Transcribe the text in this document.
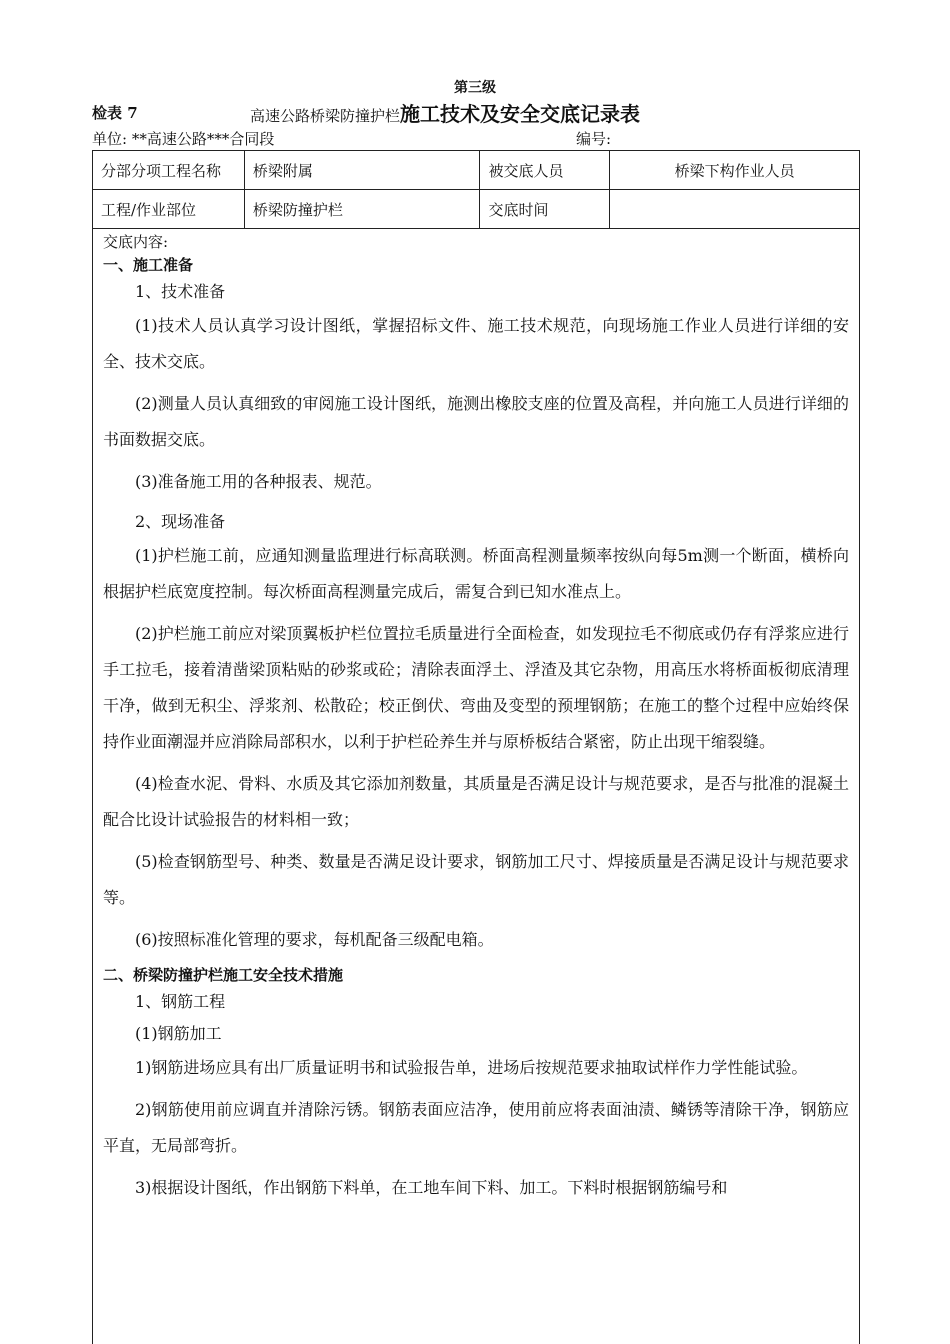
第三级
检表 7	高速公路桥梁防撞护栏施工技术及安全交底记录表
单位: **高速公路***合同段	编号:
分部分项工程名称	桥梁附属	被交底人员	桥梁下构作业人员
工程/作业部位	桥梁防撞护栏	交底时间	
交底内容:
一、施工准备
1、技术准备

(1)技术人员认真学习设计图纸，掌握招标文件、施工技术规范，向现场施工作业人员进行详细的安全、技术交底。

(2)测量人员认真细致的审阅施工设计图纸，施测出橡胶支座的位置及高程，并向施工人员进行详细的书面数据交底。

(3)准备施工用的各种报表、规范。

2、现场准备

(1)护栏施工前，应通知测量监理进行标高联测。桥面高程测量频率按纵向每5m测一个断面，横桥向根据护栏底宽度控制。每次桥面高程测量完成后，需复合到已知水准点上。

(2)护栏施工前应对梁顶翼板护栏位置拉毛质量进行全面检查，如发现拉毛不彻底或仍存有浮浆应进行手工拉毛，接着清凿梁顶粘贴的砂浆或砼；清除表面浮土、浮渣及其它杂物，用高压水将桥面板彻底清理干净，做到无积尘、浮浆剂、松散砼；校正倒伏、弯曲及变型的预埋钢筋；在施工的整个过程中应始终保持作业面潮湿并应消除局部积水，以利于护栏砼养生并与原桥板结合紧密，防止出现干缩裂缝。

(4)检查水泥、骨料、水质及其它添加剂数量，其质量是否满足设计与规范要求，是否与批准的混凝土配合比设计试验报告的材料相一致；

(5)检查钢筋型号、种类、数量是否满足设计要求，钢筋加工尺寸、焊接质量是否满足设计与规范要求等。

(6)按照标准化管理的要求，每机配备三级配电箱。

二、桥梁防撞护栏施工安全技术措施
1、钢筋工程
(1)钢筋加工

1)钢筋进场应具有出厂质量证明书和试验报告单，进场后按规范要求抽取试样作力学性能试验。

2)钢筋使用前应调直并清除污锈。钢筋表面应洁净，使用前应将表面油渍、鳞锈等清除干净，钢筋应平直，无局部弯折。

3)根据设计图纸，作出钢筋下料单，在工地车间下料、加工。下料时根据钢筋编号和
